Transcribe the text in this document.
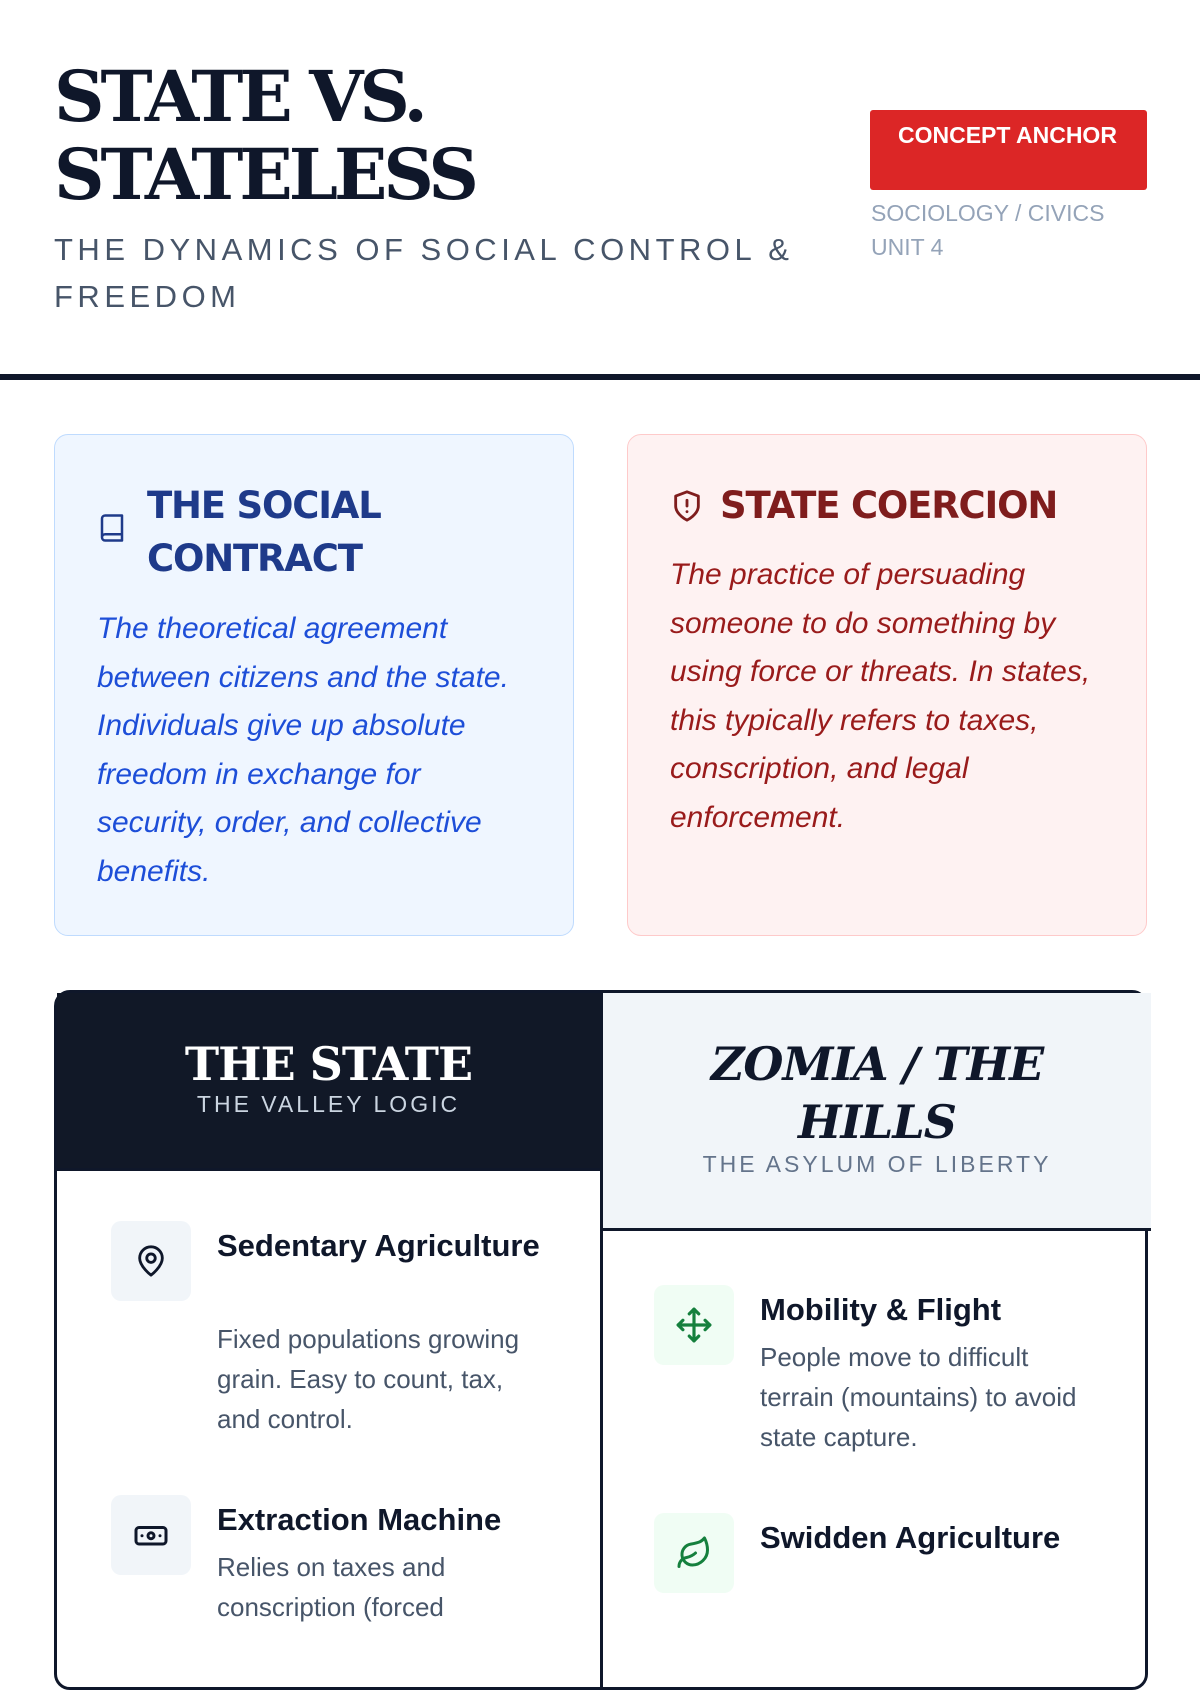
STATE VS. STATELESS
THE DYNAMICS OF SOCIAL CONTROL & FREEDOM
CONCEPT ANCHOR
SOCIOLOGY / CIVICS
UNIT 4
THE SOCIAL CONTRACT

The theoretical agreement between citizens and the state. Individuals give up absolute freedom in exchange for security, order, and collective benefits.

STATE COERCION

The practice of persuading someone to do something by using force or threats. In states, this typically refers to taxes, conscription, and legal enforcement.

THE STATE
THE VALLEY LOGIC
ZOMIA / THE HILLS
THE ASYLUM OF LIBERTY
Sedentary Agriculture
Fixed populations growing grain. Easy to count, tax, and control.
Extraction Machine
Relies on taxes and conscription (forced
Mobility & Flight
People move to difficult terrain (mountains) to avoid state capture.
Swidden Agriculture
